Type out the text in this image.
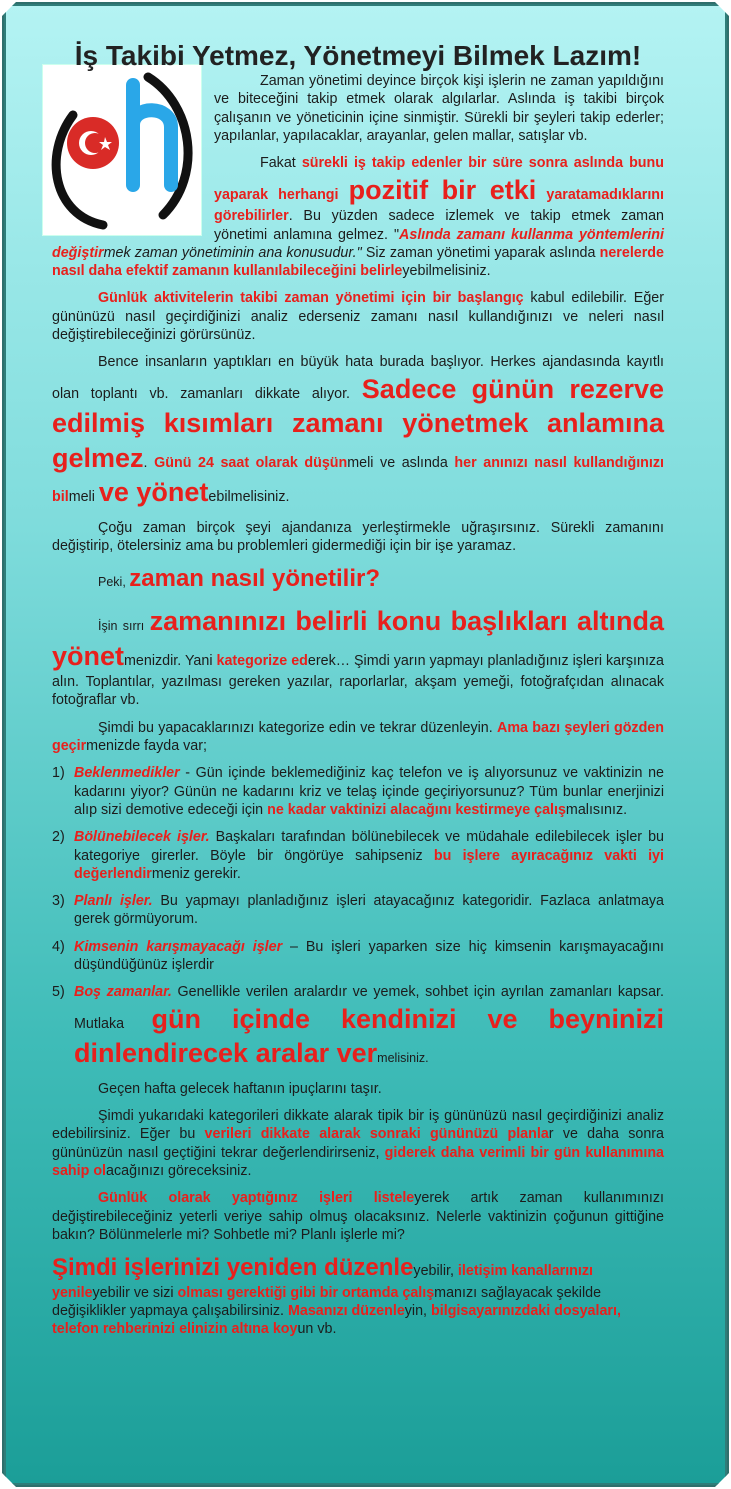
İş Takibi Yetmez, Yönetmeyi Bilmek Lazım!

Zaman yönetimi deyince birçok kişi işlerin ne zaman yapıldığını ve biteceğini takip etmek olarak algılarlar. Aslında iş takibi birçok çalışanın ve yöneticinin içine sinmiştir. Sürekli bir şeyleri takip ederler; yapılanlar, yapılacaklar, arayanlar, gelen mallar, satışlar vb.

Fakat sürekli iş takip edenler bir süre sonra aslında bunu yaparak herhangi pozitif bir etki yaratamadıklarını görebilirler. Bu yüzden sadece izlemek ve takip etmek zaman yönetimi anlamına gelmez. "Aslında zamanı kullanma yöntemlerini değiştirmek zaman yönetiminin ana konusudur." Siz zaman yönetimi yaparak aslında nerelerde nasıl daha efektif zamanın kullanılabileceğini belirleyebilmelisiniz.

Günlük aktivitelerin takibi zaman yönetimi için bir başlangıç kabul edilebilir. Eğer gününüzü nasıl geçirdiğinizi analiz ederseniz zamanı nasıl kullandığınızı ve neleri nasıl değiştirebileceğinizi görürsünüz.

Bence insanların yaptıkları en büyük hata burada başlıyor. Herkes ajandasında kayıtlı olan toplantı vb. zamanları dikkate alıyor. Sadece günün rezerve edilmiş kısımları zamanı yönetmek anlamına gelmez. Günü 24 saat olarak düşünmeli ve aslında her anınızı nasıl kullandığınızı bilmeli ve yönetebilmelisiniz.

Çoğu zaman birçok şeyi ajandanıza yerleştirmekle uğraşırsınız. Sürekli zamanını değiştirip, ötelersiniz ama bu problemleri gidermediği için bir işe yaramaz.

Peki, zaman nasıl yönetilir?

İşin sırrı zamanınızı belirli konu başlıkları altında yönetmenizdir. Yani kategorize ederek… Şimdi yarın yapmayı planladığınız işleri karşınıza alın. Toplantılar, yazılması gereken yazılar, raporlarlar, akşam yemeği, fotoğrafçıdan alınacak fotoğraflar vb.

Şimdi bu yapacaklarınızı kategorize edin ve tekrar düzenleyin. Ama bazı şeyleri gözden geçirmenizde fayda var;

1) Beklenmedikler - Gün içinde beklemediğiniz kaç telefon ve iş alıyorsunuz ve vaktinizin ne kadarını yiyor? Günün ne kadarını kriz ve telaş içinde geçiriyorsunuz? Tüm bunlar enerjinizi alıp sizi demotive edeceği için ne kadar vaktinizi alacağını kestirmeye çalışmalısınız.
2) Bölünebilecek işler. Başkaları tarafından bölünebilecek ve müdahale edilebilecek işler bu kategoriye girerler. Böyle bir öngörüye sahipseniz bu işlere ayıracağınız vakti iyi değerlendirmeniz gerekir.
3) Planlı işler. Bu yapmayı planladığınız işleri atayacağınız kategoridir. Fazlaca anlatmaya gerek görmüyorum.
4) Kimsenin karışmayacağı işler – Bu işleri yaparken size hiç kimsenin karışmayacağını düşündüğünüz işlerdir
5) Boş zamanlar. Genellikle verilen aralardır ve yemek, sohbet için ayrılan zamanları kapsar. Mutlaka gün içinde kendinizi ve beyninizi dinlendirecek aralar vermelisiniz.

Geçen hafta gelecek haftanın ipuçlarını taşır.

Şimdi yukarıdaki kategorileri dikkate alarak tipik bir iş gününüzü nasıl geçirdiğinizi analiz edebilirsiniz. Eğer bu verileri dikkate alarak sonraki gününüzü planlar ve daha sonra gününüzün nasıl geçtiğini tekrar değerlendirirseniz, giderek daha verimli bir gün kullanımına sahip olacağınızı göreceksiniz.

Günlük olarak yaptığınız işleri listeleyerek artık zaman kullanımınızı değiştirebileceğiniz yeterli veriye sahip olmuş olacaksınız. Nelerle vaktinizin çoğunun gittiğine bakın? Bölünmelerle mi? Sohbetle mi? Planlı işlerle mi?

Şimdi işlerinizi yeniden düzenleyebilir, iletişim kanallarınızı yenileyebilir ve sizi olması gerektiği gibi bir ortamda çalışmanızı sağlayacak şekilde değişiklikler yapmaya çalışabilirsiniz. Masanızı düzenleyin, bilgisayarınızdaki dosyaları, telefon rehberinizi elinizin altına koyun vb.
